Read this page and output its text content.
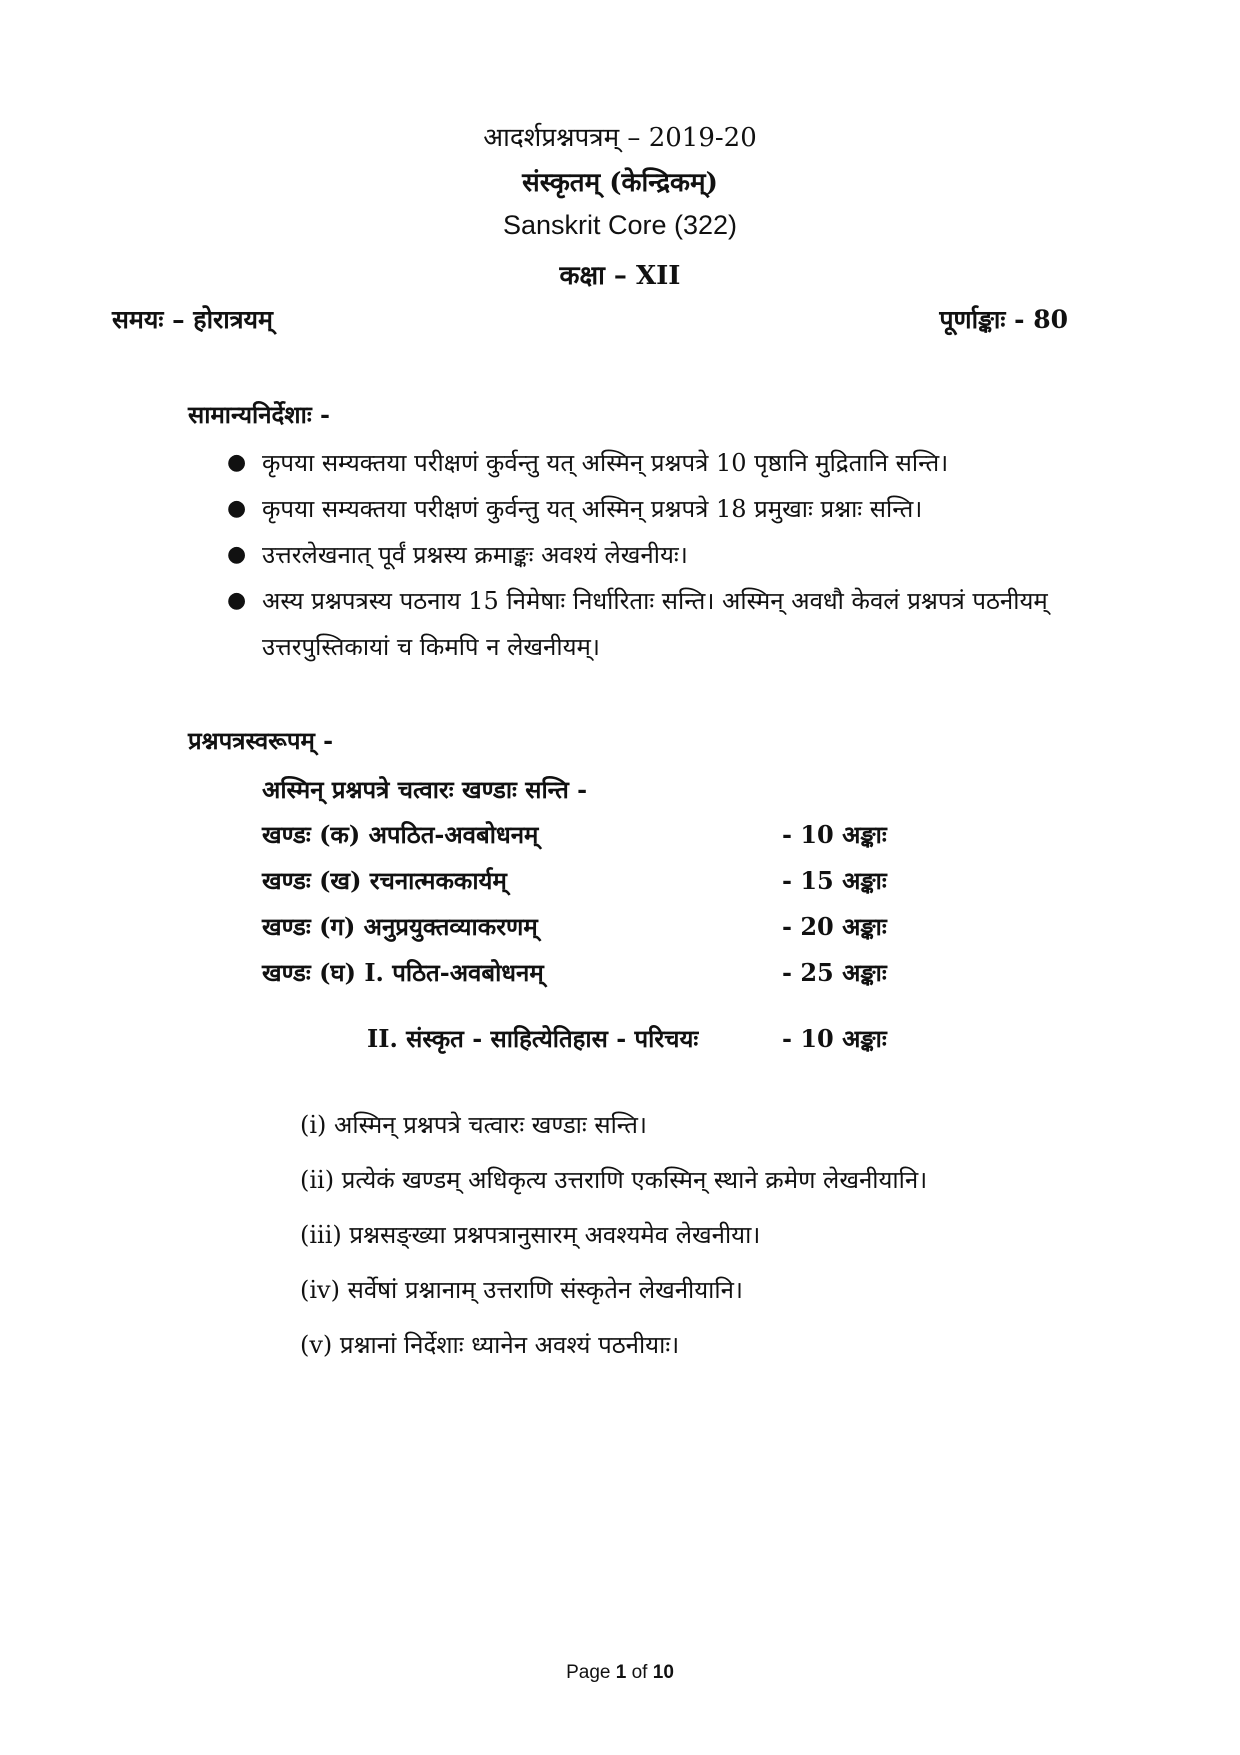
आदर्शप्रश्नपत्रम् – 2019-20
संस्कृतम् (केन्द्रिकम्)
Sanskrit Core (322)
कक्षा – XII
समयः – होरात्रयम्	पूर्णाङ्काः - 80
सामान्यनिर्देशाः -
● कृपया सम्यक्तया परीक्षणं कुर्वन्तु यत् अस्मिन् प्रश्नपत्रे 10 पृष्ठानि मुद्रितानि सन्ति।
● कृपया सम्यक्तया परीक्षणं कुर्वन्तु यत् अस्मिन् प्रश्नपत्रे 18 प्रमुखाः प्रश्नाः सन्ति।
● उत्तरलेखनात् पूर्वं प्रश्नस्य क्रमाङ्कः अवश्यं लेखनीयः।
● अस्य प्रश्नपत्रस्य पठनाय 15 निमेषाः निर्धारिताः सन्ति। अस्मिन् अवधौ केवलं प्रश्नपत्रं पठनीयम् उत्तरपुस्तिकायां च किमपि न लेखनीयम्।
प्रश्नपत्रस्वरूपम् -
अस्मिन् प्रश्नपत्रे चत्वारः खण्डाः सन्ति -
खण्डः (क) अपठित-अवबोधनम्	- 10 अङ्काः
खण्डः (ख) रचनात्मककार्यम्	- 15 अङ्काः
खण्डः (ग) अनुप्रयुक्तव्याकरणम्	- 20 अङ्काः
खण्डः (घ) I. पठित-अवबोधनम्	- 25 अङ्काः
II. संस्कृत - साहित्येतिहास - परिचयः	- 10 अङ्काः
(i) अस्मिन् प्रश्नपत्रे चत्वारः खण्डाः सन्ति।
(ii) प्रत्येकं खण्डम् अधिकृत्य उत्तराणि एकस्मिन् स्थाने क्रमेण लेखनीयानि।
(iii) प्रश्नसङ्ख्या प्रश्नपत्रानुसारम् अवश्यमेव लेखनीया।
(iv) सर्वेषां प्रश्नानाम् उत्तराणि संस्कृतेन लेखनीयानि।
(v) प्रश्नानां निर्देशाः ध्यानेन अवश्यं पठनीयाः।
Page 1 of 10
